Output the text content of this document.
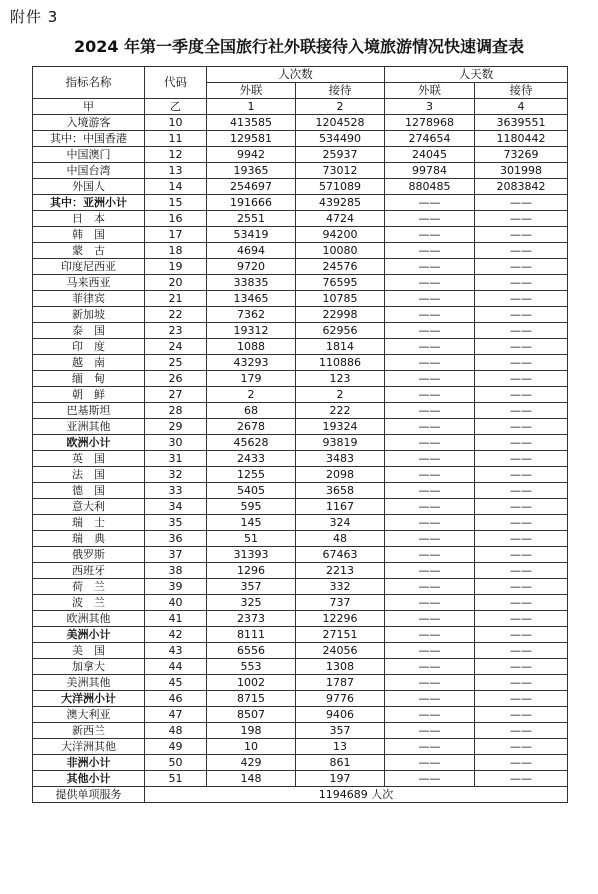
附件 3
2024 年第一季度全国旅行社外联接待入境旅游情况快速调查表
指标名称	代码	人次数		人天数	
		外联	接待	外联	接待
甲	乙	1	2	3	4
入境游客	10	413585	1204528	1278968	3639551
其中：中国香港	11	129581	534490	274654	1180442
中国澳门	12	9942	25937	24045	73269
中国台湾	13	19365	73012	99784	301998
外国人	14	254697	571089	880485	2083842
其中：亚洲小计	15	191666	439285	——	——
日　本	16	2551	4724	——	——
韩　国	17	53419	94200	——	——
蒙　古	18	4694	10080	——	——
印度尼西亚	19	9720	24576	——	——
马来西亚	20	33835	76595	——	——
菲律宾	21	13465	10785	——	——
新加坡	22	7362	22998	——	——
泰　国	23	19312	62956	——	——
印　度	24	1088	1814	——	——
越　南	25	43293	110886	——	——
缅　甸	26	179	123	——	——
朝　鲜	27	2	2	——	——
巴基斯坦	28	68	222	——	——
亚洲其他	29	2678	19324	——	——
欧洲小计	30	45628	93819	——	——
英　国	31	2433	3483	——	——
法　国	32	1255	2098	——	——
德　国	33	5405	3658	——	——
意大利	34	595	1167	——	——
瑞　士	35	145	324	——	——
瑞　典	36	51	48	——	——
俄罗斯	37	31393	67463	——	——
西班牙	38	1296	2213	——	——
荷　兰	39	357	332	——	——
波　兰	40	325	737	——	——
欧洲其他	41	2373	12296	——	——
美洲小计	42	8111	27151	——	——
美　国	43	6556	24056	——	——
加拿大	44	553	1308	——	——
美洲其他	45	1002	1787	——	——
大洋洲小计	46	8715	9776	——	——
澳大利亚	47	8507	9406	——	——
新西兰	48	198	357	——	——
大洋洲其他	49	10	13	——	——
非洲小计	50	429	861	——	——
其他小计	51	148	197	——	——
提供单项服务	1194689 人次				
